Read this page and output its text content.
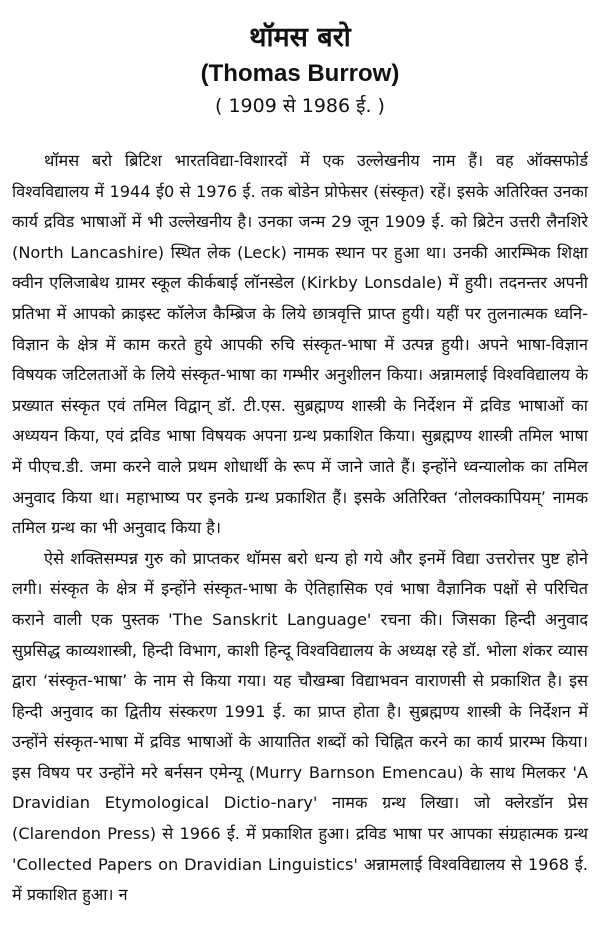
थॉमस बरो
(Thomas Burrow)
( 1909 से 1986 ई. )

थॉमस बरो ब्रिटिश भारतविद्या-विशारदों में एक उल्लेखनीय नाम हैं। वह ऑक्सफोर्ड विश्वविद्यालय में 1944 ई0 से 1976 ई. तक बोडेन प्रोफेसर (संस्कृत) रहें। इसके अतिरिक्त उनका कार्य द्रविड भाषाओं में भी उल्लेखनीय है। उनका जन्म 29 जून 1909 ई. को ब्रिटेन उत्तरी लैनशिरे (North Lancashire) स्थित लेक (Leck) नामक स्थान पर हुआ था। उनकी आरम्भिक शिक्षा क्वीन एलिजाबेथ ग्रामर स्कूल कीर्कबाई लॉनस्डेल (Kirkby Lonsdale) में हुयी। तदनन्तर अपनी प्रतिभा में आपको क्राइस्ट कॉलेज कैम्ब्रिज के लिये छात्रवृत्ति प्राप्त हुयी। यहीं पर तुलनात्मक ध्वनि-विज्ञान के क्षेत्र में काम करते हुये आपकी रुचि संस्कृत-भाषा में उत्पन्न हुयी। अपने भाषा-विज्ञान विषयक जटिलताओं के लिये संस्कृत-भाषा का गम्भीर अनुशीलन किया। अन्नामलाई विश्वविद्यालय के प्रख्यात संस्कृत एवं तमिल विद्वान् डॉ. टी.एस. सुब्रह्मण्य शास्त्री के निर्देशन में द्रविड भाषाओं का अध्ययन किया, एवं द्रविड भाषा विषयक अपना ग्रन्थ प्रकाशित किया। सुब्रह्मण्य शास्त्री तमिल भाषा में पीएच.डी. जमा करने वाले प्रथम शोधार्थी के रूप में जाने जाते हैं। इन्होंने ध्वन्यालोक का तमिल अनुवाद किया था। महाभाष्य पर इनके ग्रन्थ प्रकाशित हैं। इसके अतिरिक्त ‘तोलक्कापियम्’ नामक तमिल ग्रन्थ का भी अनुवाद किया है।

ऐसे शक्तिसम्पन्न गुरु को प्राप्तकर थॉमस बरो धन्य हो गये और इनमें विद्या उत्तरोत्तर पुष्ट होने लगी। संस्कृत के क्षेत्र में इन्होंने संस्कृत-भाषा के ऐतिहासिक एवं भाषा वैज्ञानिक पक्षों से परिचित कराने वाली एक पुस्तक 'The Sanskrit Language' रचना की। जिसका हिन्दी अनुवाद सुप्रसिद्ध काव्यशास्त्री, हिन्दी विभाग, काशी हिन्दू विश्वविद्यालय के अध्यक्ष रहे डॉ. भोला शंकर व्यास द्वारा ‘संस्कृत-भाषा’ के नाम से किया गया। यह चौखम्बा विद्याभवन वाराणसी से प्रकाशित है। इस हिन्दी अनुवाद का द्वितीय संस्करण 1991 ई. का प्राप्त होता है। सुब्रह्मण्य शास्त्री के निर्देशन में उन्होंने संस्कृत-भाषा में द्रविड भाषाओं के आयातित शब्दों को चिह्नित करने का कार्य प्रारम्भ किया। इस विषय पर उन्होंने मरे बर्नसन एमेन्यू (Murry Barnson Emencau) के साथ मिलकर 'A Dravidian Etymological Dictio-nary' नामक ग्रन्थ लिखा। जो क्लेरडॉन प्रेस (Clarendon Press) से 1966 ई. में प्रकाशित हुआ। द्रविड भाषा पर आपका संग्रहात्मक ग्रन्थ 'Collected Papers on Dravidian Linguistics' अन्नामलाई विश्वविद्यालय से 1968 ई. में प्रकाशित हुआ। न
